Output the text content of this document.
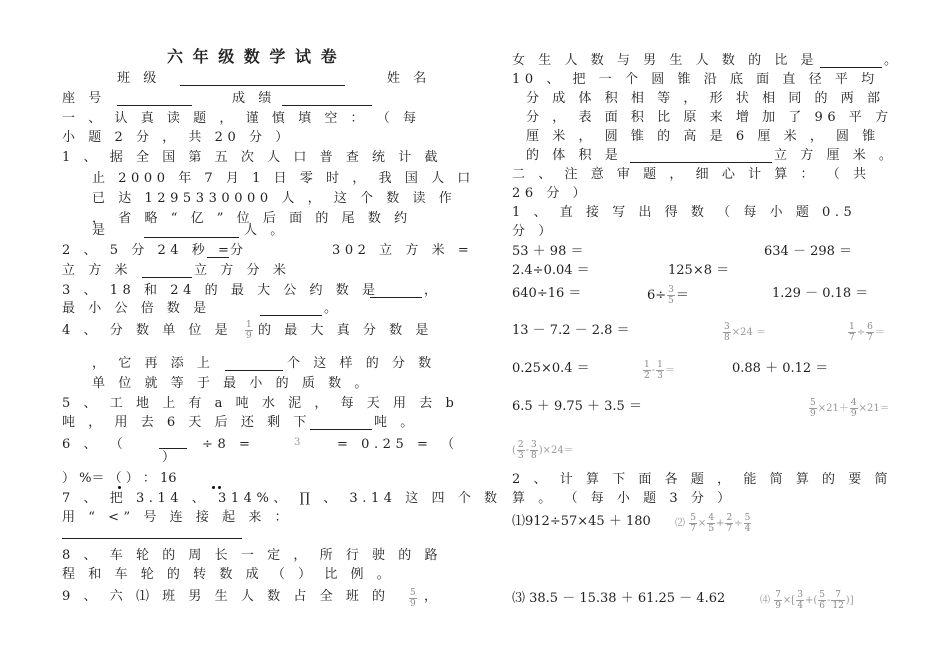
六年级数学试卷
班 级	姓 名
座 号	成 绩
一 、 认 真 读 题 ， 谨 慎 填 空 ： （ 每
小 题 2 分 ， 共 20 分 ）
1 、 据 全 国 第 五 次 人 口 普 查 统 计 截
止 2000 年 7 月 1 日 零 时 ， 我 国 人 口
已 达 1295330000 人 ， 这 个 数 读 作
， 省 略 “ 亿 ” 位 后 面 的 尾 数 约
是	人 。
2 、 5 分 24 秒 =
分	302 立 方 米 =
立 方 米	立 方 分 米
3 、 18 和 24 的 最 大 公 约 数 是	，
最 小 公 倍 数 是	。
4 、 分 数 单 位 是 $\frac{1}{9}$ 的 最 大 真 分 数 是
， 它 再 添 上	个 这 样 的 分 数
单 位 就 等 于 最 小 的 质 数 。
5 、 工 地 上 有 a 吨 水 泥 ， 每 天 用 去 b
吨 ， 用 去 6 天 后 还 剩 下	吨 。
6 、 （
）
÷8 =	3	= 0.25 = （
） %＝ （ ） ： 16
7 、 把 3.14 、 314%、 ∏ 、 3.14 这 四 个 数
用 “ <” 号 连 接 起 来 ：
8 、 车 轮 的 周 长 一 定 ， 所 行 驶 的 路
程 和 车 轮 的 转 数 成 （ ） 比 例 。
9 、 六 ⑴ 班 男 生 人 数 占 全 班 的 $\frac{5}{9}$ ，
女 生 人 数 与 男 生 人 数 的 比 是	。
10 、 把 一 个 圆 锥 沿 底 面 直 径 平 均
分 成 体 积 相 等 ， 形 状 相 同 的 两 部
分 ， 表 面 积 比 原 来 增 加 了 96 平 方
厘 米 ， 圆 锥 的 高 是 6 厘 米 ， 圆 锥
的 体 积 是	立 方 厘 米 。
二 、 注 意 审 题 ， 细 心 计 算 ： （ 共
26 分 ）
1 、 直 接 写 出 得 数 （ 每 小 题 0.5
分 ）
53 ＋ 98 ＝	634 － 298 ＝
2.4÷0.04 ＝	125×8 ＝
640÷16 ＝	$6\div \frac{3}{5}$ ＝	1.29 － 0.18 ＝
13 － 7.2 － 2.8 ＝	$\frac{3}{8} \times 24$ ＝	$\frac{1}{7} \div \frac{6}{7}$ ＝
0.25×0.4 ＝	$\frac{1}{2} - \frac{1}{3}$ ＝	0.88 ＋ 0.12 ＝
6.5 ＋ 9.75 ＋ 3.5 ＝	$\frac{5}{9} \times 21+ \frac{4}{9} \times 21=$
( $\frac{2}{3} - \frac{3}{8} )\times 24=$
2 、 计 算 下 面 各 题 ， 能 简 算 的 要 简
算 。 （ 每 小 题 3 分 ）
⑴912÷57×45 ＋ 180 ⑵ $\frac{5}{7} \times \frac{4}{5} + \frac{2}{7} \div \frac{5}{4}$
⑶ 38.5 － 15.38 ＋ 61.25 － 4.62	⑷ $\frac{7}{9}$ ×[ $\frac{3}{4}$ +( $\frac{5}{6} - \frac{7}{12}$ )]
